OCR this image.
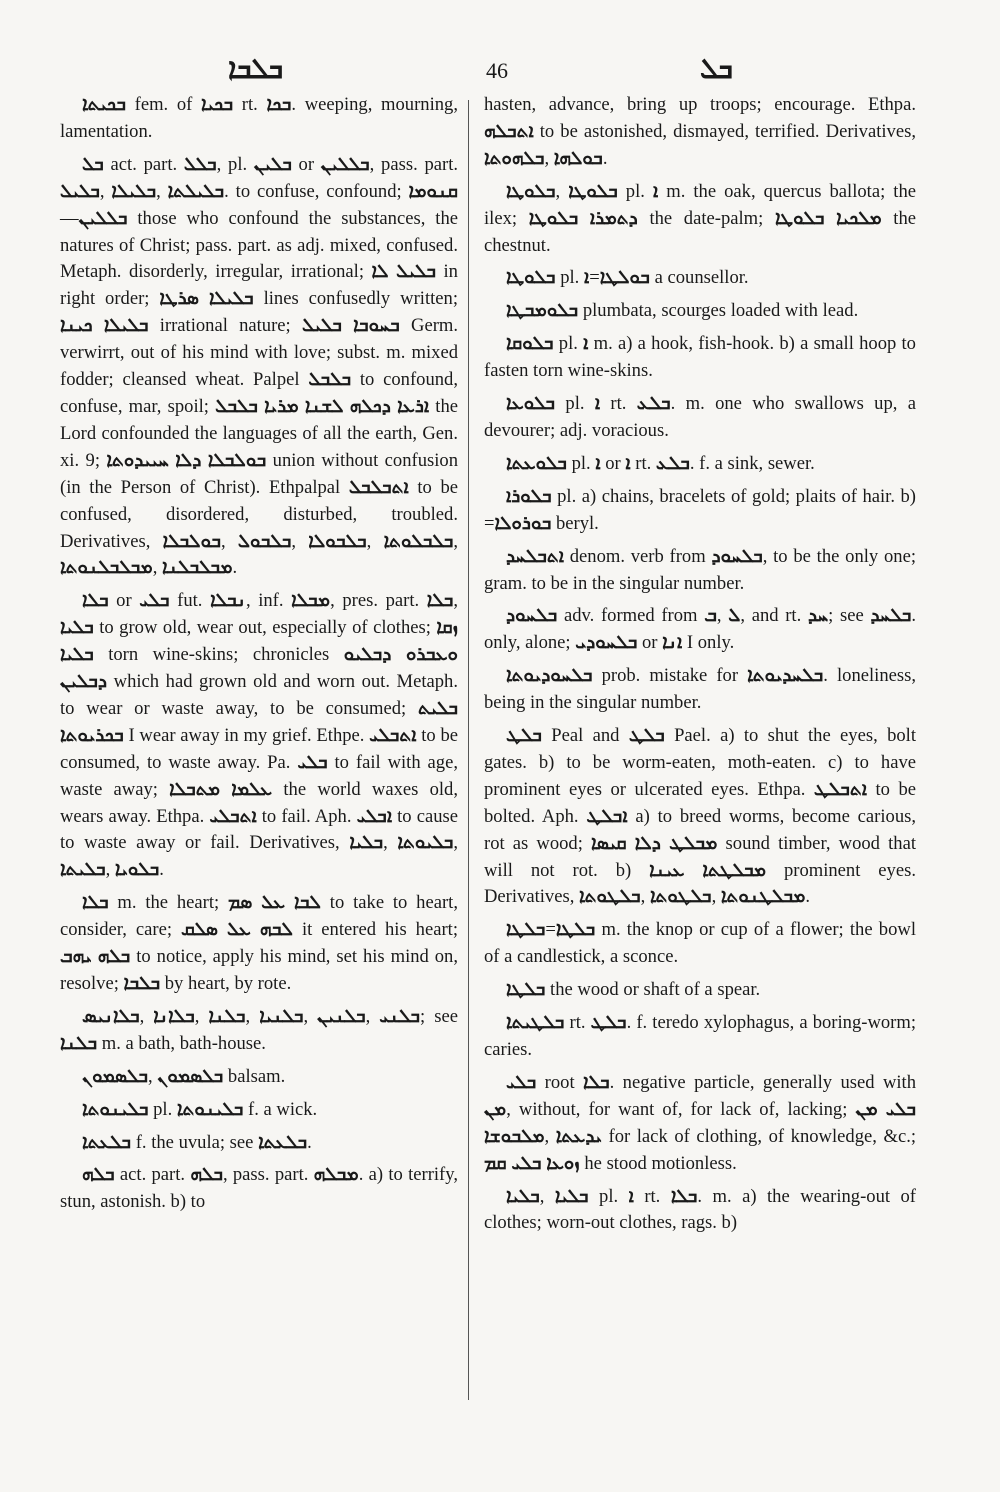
ܒܠܒܐ	46	ܒܠ

ܒܟܝܬܐ fem. of ܒܟܝܐ rt. ܒܟܐ. weeping, mourning, lamentation.

ܒܠ act. part. ܒܠܠ, pl. ܒܠܝܢ or ܒܠܠܝܢ, pass. part. ܒܠܝܠ, ܒܠܝܠܐ, ܒܠܝܠܬܐ. to confuse, confound; ܩܢܘܡܐ—ܒܠܠܝܢ those who confound the substances, the natures of Christ; pass. part. as adj. mixed, confused. Metaph. disorderly, irregular, irrational; ܠܐ ܒܠܝܠ in right order; ܣܪܛܐ ܒܠܝܠܐ lines confusedly written; ܟܝܢܐ ܒܠܝܠܐ irrational nature; ܒܠܝܠ ܒܚܘܒܐ Germ. verwirrt, out of his mind with love; subst. m. mixed fodder; cleansed wheat. Palpel ܒܠܒܠ to confound, confuse, mar, spoil; ܒܠܒܠ ܡܪܝܐ ܠܫܢܐ ܕܟܠܗ ܐܪܥܐ the Lord confounded the languages of all the earth, Gen. xi. 9; ܚܝܝܕܘܬܐ ܕܠܐ ܒܘܠܒܠܐ union without confusion (in the Person of Christ). Ethpalpal ܐܬܒܠܒܠ to be confused, disordered, disturbed, troubled. Derivatives, ܒܘܠܒܠܐ, ܒܠܒܘܠ, ܒܠܒܘܠܐ, ܒܠܒܠܘܬܐ, ܡܒܠܒܠܢܘܬܐ, ܡܒܠܒܠܢܐ.

ܒܠܐ or ܒܠܝ fut. ܢܒܠܐ, inf. ܡܒܠܐ, pres. part. ܒܠܐ, ܒܠܝܐ to grow old, wear out, especially of clothes; ܙܩܐ ܒܠܝܐ torn wine-skins; chronicles ܕܒܠܝܘ ܘܥܒܪܘ ܕܒܠܝܢ which had grown old and worn out. Metaph. to wear or waste away, to be consumed; ܒܠܝܬ ܒܟܪܝܘܬܐ I wear away in my grief. Ethpe. ܐܬܒܠܝ to be consumed, to waste away. Pa. ܒܠܝ to fail with age, waste away; ܡܬܒܠܐ ܥܠܡܐ the world waxes old, wears away. Ethpa. ܐܬܒܠܝ to fail. Aph. ܐܒܠܝ to cause to waste away or fail. Derivatives, ܒܠܝܐ, ܒܠܝܘܬܐ, ܒܠܝܬܐ, ܒܠܘܝܐ.

ܒܠܐ m. the heart; ܣܡ ܥܠ ܠܒܐ to take to heart, consider, care; ܣܠܩ ܥܠ ܠܒܗ it entered his heart; ܝܗܒ ܒܠܗ to notice, apply his mind, set his mind on, resolve; ܒܠܒܐ by heart, by rote.

ܒܠܐܢܝܣ, ܒܠܐܢܐ, ܒܠܢܐ, ܒܠܢܝܐ, ܒܠܢܝܢ, ܒܠܢܝ; see ܒܠܢܐ m. a bath, bath-house.

ܒܠܣܡܘܢ, ܒܠܣܡܘܢ balsam.

ܒܠܝܢܘܬܐ pl. ܒܠܝܢܘܬܐ f. a wick.

ܒܠܥܬܐ f. the uvula; see ܒܠܥܬܐ.

ܒܠܗ act. part. ܒܠܗ, pass. part. ܡܒܠܗ. a) to terrify, stun, astonish. b) to

hasten, advance, bring up troops; encourage. Ethpa. ܐܬܒܠܗ to be astonished, dismayed, terrified. Derivatives, ܒܠܗܘܬܐ, ܒܘܠܗܐ.

ܒܠܘܛܐ, ܒܠܘܛܐ pl. ܐ m. the oak, quercus ballota; the ilex; ܒܠܘܛܐ ܕܬܡܪܐ the date-palm; ܒܠܘܛܐ ܡܠܟܝܐ the chestnut.

ܒܠܘܛܐ pl. ܐ=ܒܘܠܛܐ a counsellor.

ܒܠܘܡܒܛܐ plumbata, scourges loaded with lead.

ܒܠܘܩܐ pl. ܐ m. a) a hook, fish-hook. b) a small hoop to fasten torn wine-skins.

ܒܠܘܥܐ pl. ܐ rt. ܒܠܥ. m. one who swallows up, a devourer; adj. voracious.

ܒܠܘܥܬܐ pl. ܐ or ܐ rt. ܒܠܥ. f. a sink, sewer.

ܒܠܘܪܐ pl. a) chains, bracelets of gold; plaits of hair. b) =ܒܘܪܘܠܐ beryl.

ܐܬܒܠܚܕ denom. verb from ܒܠܚܘܕ, to be the only one; gram. to be in the singular number.

ܒܠܚܘܕ adv. formed from ܒ, ܠ, and rt. ܚܕ; see ܒܠܚܕ. only, alone; ܒܠܚܘܕܝ or ܐܢܐ I only.

ܒܠܚܘܕܝܘܬܐ prob. mistake for ܒܠܚܕܝܘܬܐ. loneliness, being in the singular number.

ܒܠܛ Peal and ܒܠܛ Pael. a) to shut the eyes, bolt gates. b) to be worm-eaten, moth-eaten. c) to have prominent eyes or ulcerated eyes. Ethpa. ܐܬܒܠܛ to be bolted. Aph. ܐܒܠܛ a) to breed worms, become carious, rot as wood; ܩܝܣܐ ܕܠܐ ܡܒܠܛ sound timber, wood that will not rot. b) ܥܝܢܐ ܡܒܠܛܬܐ prominent eyes. Derivatives, ܒܠܛܘܬܐ, ܒܠܛܘܬܐ, ܡܒܠܛܢܘܬܐ.

ܒܠܛܐ=ܒܠܛܐ m. the knop or cup of a flower; the bowl of a candlestick, a sconce.

ܒܠܛܐ the wood or shaft of a spear.

ܒܠܛܝܬܐ rt. ܒܠܛ. f. teredo xylophagus, a boring-worm; caries.

ܒܠܝ root ܒܠܐ. negative particle, generally used with ܡܢ, without, for want of, for lack of, lacking; ܡܢ ܒܠܝ ܡܠܒܘܫܐ, ܝܕܥܬܐ for lack of clothing, of knowledge, &c.; ܩܡ ܒܠܝ ܙܘܥܐ he stood motionless.

ܒܠܝܐ, ܒܠܝܐ pl. ܐ rt. ܒܠܐ. m. a) the wearing-out of clothes; worn-out clothes, rags. b)
